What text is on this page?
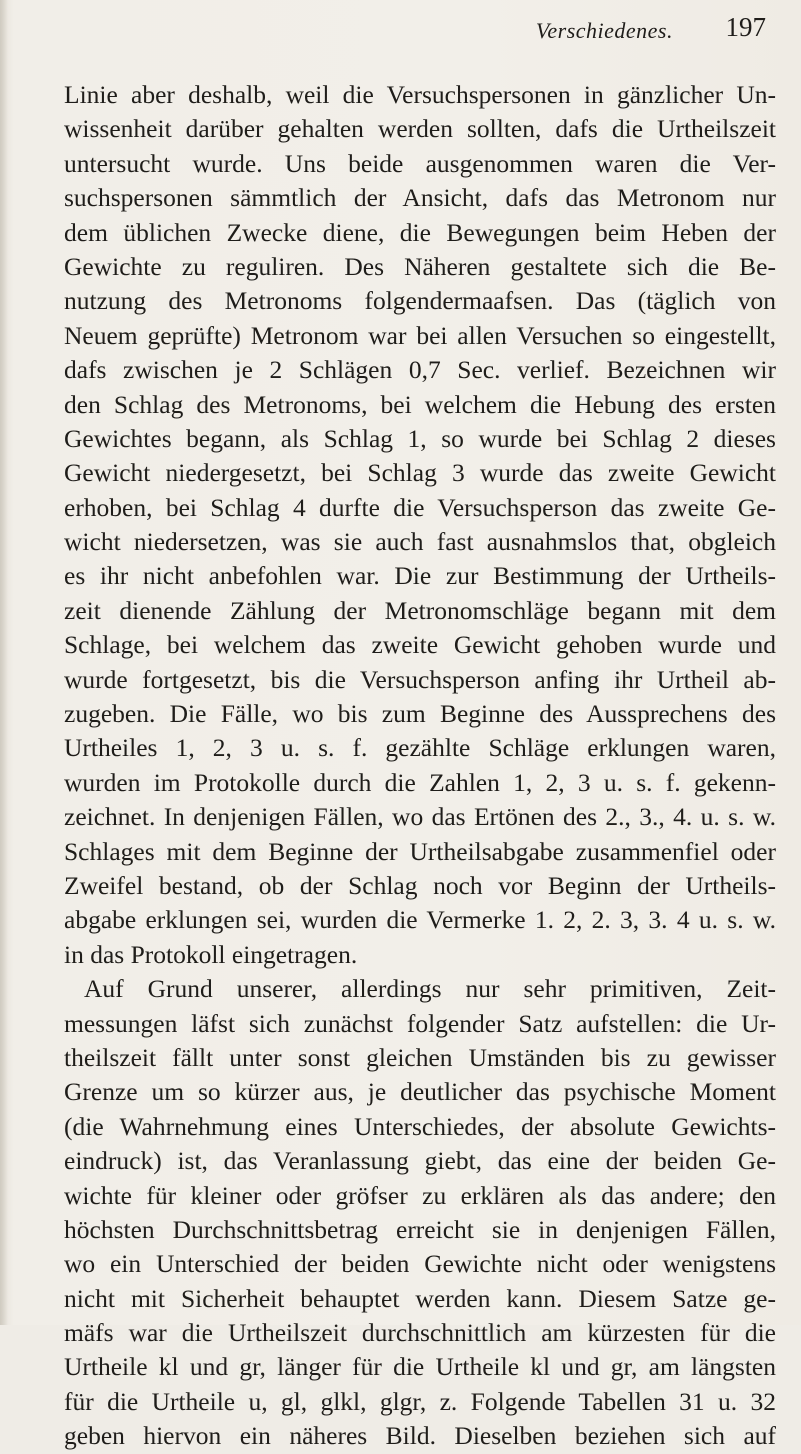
Verschiedenes. 197
Linie aber deshalb, weil die Versuchspersonen in gänzlicher Un-
wissenheit darüber gehalten werden sollten, dafs die Urtheilszeit
untersucht wurde. Uns beide ausgenommen waren die Ver-
suchspersonen sämmtlich der Ansicht, dafs das Metronom nur
dem üblichen Zwecke diene, die Bewegungen beim Heben der
Gewichte zu reguliren. Des Näheren gestaltete sich die Be-
nutzung des Metronoms folgendermaafsen. Das (täglich von
Neuem geprüfte) Metronom war bei allen Versuchen so eingestellt,
dafs zwischen je 2 Schlägen 0,7 Sec. verlief. Bezeichnen wir
den Schlag des Metronoms, bei welchem die Hebung des ersten
Gewichtes begann, als Schlag 1, so wurde bei Schlag 2 dieses
Gewicht niedergesetzt, bei Schlag 3 wurde das zweite Gewicht
erhoben, bei Schlag 4 durfte die Versuchsperson das zweite Ge-
wicht niedersetzen, was sie auch fast ausnahmslos that, obgleich
es ihr nicht anbefohlen war. Die zur Bestimmung der Urtheils-
zeit dienende Zählung der Metronomschläge begann mit dem
Schlage, bei welchem das zweite Gewicht gehoben wurde und
wurde fortgesetzt, bis die Versuchsperson anfing ihr Urtheil ab-
zugeben. Die Fälle, wo bis zum Beginne des Aussprechens des
Urtheiles 1, 2, 3 u. s. f. gezählte Schläge erklungen waren,
wurden im Protokolle durch die Zahlen 1, 2, 3 u. s. f. gekenn-
zeichnet. In denjenigen Fällen, wo das Ertönen des 2., 3., 4. u. s. w.
Schlages mit dem Beginne der Urtheilsabgabe zusammenfiel oder
Zweifel bestand, ob der Schlag noch vor Beginn der Urtheils-
abgabe erklungen sei, wurden die Vermerke 1. 2, 2. 3, 3. 4 u. s. w.
in das Protokoll eingetragen.
Auf Grund unserer, allerdings nur sehr primitiven, Zeit-
messungen läfst sich zunächst folgender Satz aufstellen: die Ur-
theilszeit fällt unter sonst gleichen Umständen bis zu gewisser
Grenze um so kürzer aus, je deutlicher das psychische Moment
(die Wahrnehmung eines Unterschiedes, der absolute Gewichts-
eindruck) ist, das Veranlassung giebt, das eine der beiden Ge-
wichte für kleiner oder gröfser zu erklären als das andere; den
höchsten Durchschnittsbetrag erreicht sie in denjenigen Fällen,
wo ein Unterschied der beiden Gewichte nicht oder wenigstens
nicht mit Sicherheit behauptet werden kann. Diesem Satze ge-
mäfs war die Urtheilszeit durchschnittlich am kürzesten für die
Urtheile kl und gr, länger für die Urtheile kl und gr, am längsten
für die Urtheile u, gl, glkl, glgr, z. Folgende Tabellen 31 u. 32
geben hiervon ein näheres Bild. Dieselben beziehen sich auf
